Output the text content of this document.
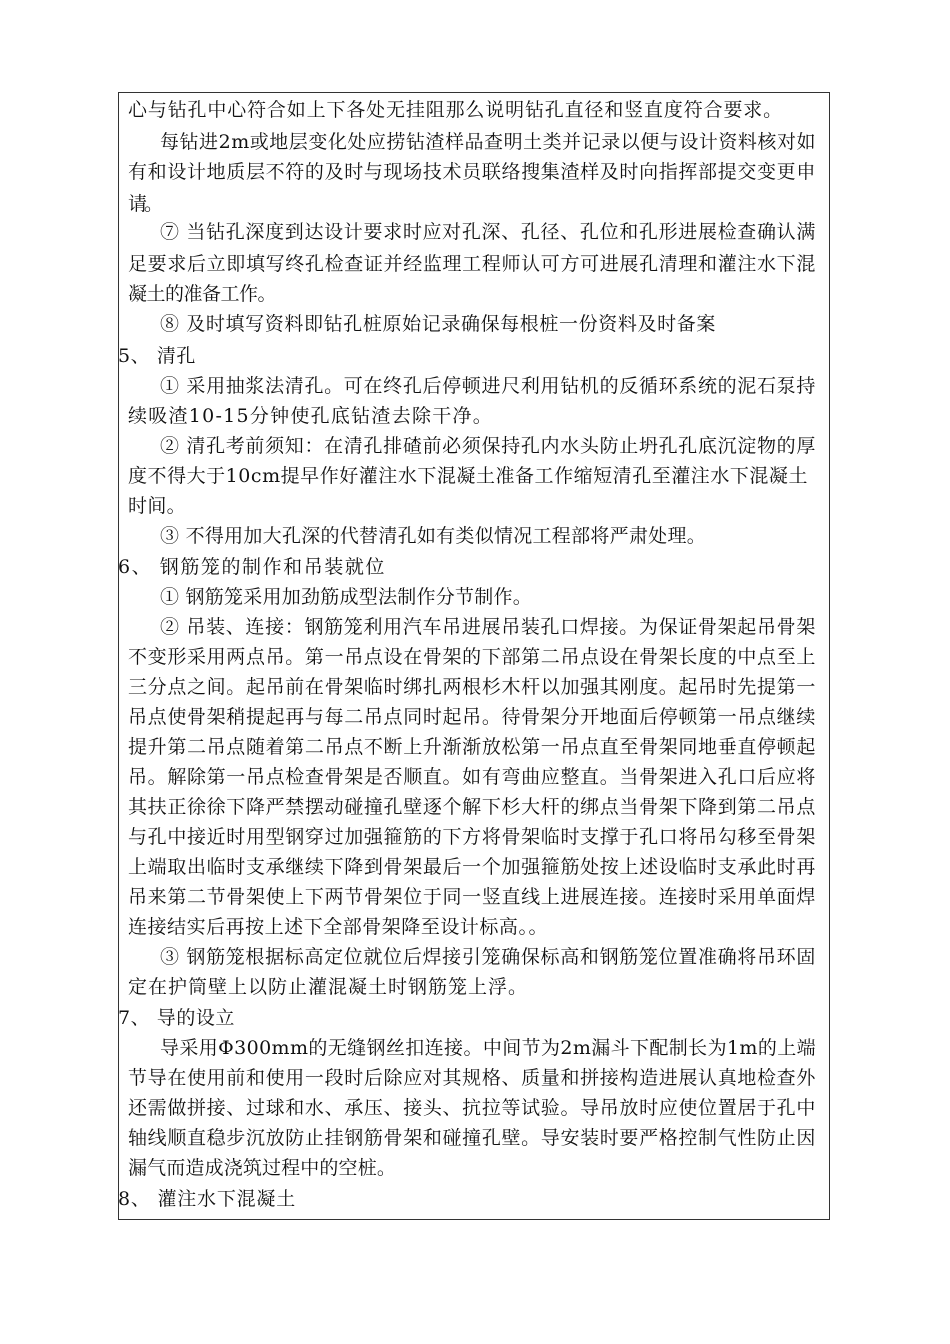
心与钻孔中心符合如上下各处无挂阻那么说明钻孔直径和竖直度符合要求。
每钻进2m或地层变化处应捞钻渣样品查明土类并记录以便与设计资料核对如
有和设计地质层不符的及时与现场技术员联络搜集渣样及时向指挥部提交变更申
请。
⑦ 当钻孔深度到达设计要求时应对孔深、孔径、孔位和孔形进展检查确认满
足要求后立即填写终孔检查证并经监理工程师认可方可进展孔清理和灌注水下混
凝土的准备工作。
⑧ 及时填写资料即钻孔桩原始记录确保每根桩一份资料及时备案
5、 清孔
① 采用抽浆法清孔。可在终孔后停顿进尺利用钻机的反循环系统的泥石泵持
续吸渣10-15分钟使孔底钻渣去除干净。
② 清孔考前须知：在清孔排碴前必须保持孔内水头防止坍孔孔底沉淀物的厚
度不得大于10cm提早作好灌注水下混凝土准备工作缩短清孔至灌注水下混凝土
时间。
③ 不得用加大孔深的代替清孔如有类似情况工程部将严肃处理。
6、 钢筋笼的制作和吊装就位
① 钢筋笼采用加劲筋成型法制作分节制作。
② 吊装、连接：钢筋笼利用汽车吊进展吊装孔口焊接。为保证骨架起吊骨架
不变形采用两点吊。第一吊点设在骨架的下部第二吊点设在骨架长度的中点至上
三分点之间。起吊前在骨架临时绑扎两根杉木杆以加强其刚度。起吊时先提第一
吊点使骨架稍提起再与每二吊点同时起吊。待骨架分开地面后停顿第一吊点继续
提升第二吊点随着第二吊点不断上升渐渐放松第一吊点直至骨架同地垂直停顿起
吊。解除第一吊点检查骨架是否顺直。如有弯曲应整直。当骨架进入孔口后应将
其扶正徐徐下降严禁摆动碰撞孔壁逐个解下杉大杆的绑点当骨架下降到第二吊点
与孔中接近时用型钢穿过加强箍筋的下方将骨架临时支撑于孔口将吊勾移至骨架
上端取出临时支承继续下降到骨架最后一个加强箍筋处按上述设临时支承此时再
吊来第二节骨架使上下两节骨架位于同一竖直线上进展连接。连接时采用单面焊
连接结实后再按上述下全部骨架降至设计标高。。
③ 钢筋笼根据标高定位就位后焊接引笼确保标高和钢筋笼位置准确将吊环固
定在护筒壁上以防止灌混凝土时钢筋笼上浮。
7、 导的设立
导采用Φ300mm的无缝钢丝扣连接。中间节为2m漏斗下配制长为1m的上端
节导在使用前和使用一段时后除应对其规格、质量和拼接构造进展认真地检查外
还需做拼接、过球和水、承压、接头、抗拉等试验。导吊放时应使位置居于孔中
轴线顺直稳步沉放防止挂钢筋骨架和碰撞孔壁。导安装时要严格控制气性防止因
漏气而造成浇筑过程中的空桩。
8、 灌注水下混凝土
